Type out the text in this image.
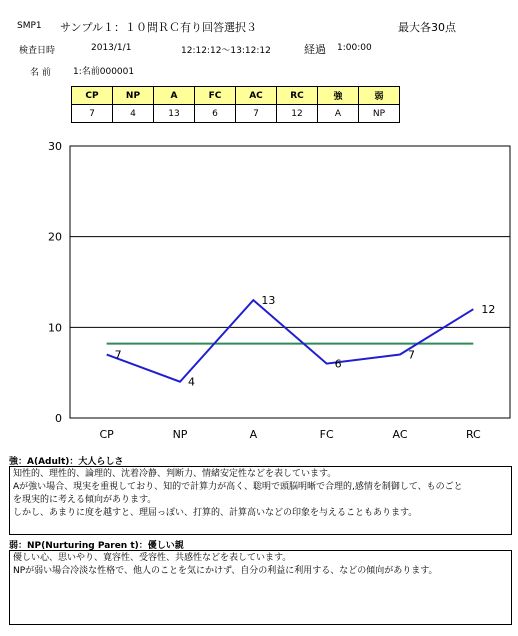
SMP1 サンプル１：１０問ＲＣ有り回答選択３	最大各30点
検査日時	2013/1/1	12:12:12〜13:12:12	経過 1:00:00
名 前 1:名前000001
CP	NP	A	FC	AC	RC	強	弱
7	4	13	6	7	12	A	NP
0
10
20
30
CP	NP	A	FC	AC	RC
7
4
13
6
7
12
強：A(Adult)：大人らしさ
知性的、理性的、論理的、沈着冷静、判断力、情緒安定性などを表しています。
Aが強い場合、現実を重視しており、知的で計算力が高く、聡明で頭脳明晰で合理的,感情を制御して、ものごと
を現実的に考える傾向があります。
しかし、あまりに度を越すと、理屈っぽい、打算的、計算高いなどの印象を与えることもあります。
弱：NP(Nurturing Paren t)：優しい親
優しい心、思いやり、寛容性、受容性、共感性などを表しています。
NPが弱い場合冷淡な性格で、他人のことを気にかけず、自分の利益に利用する、などの傾向があります。
